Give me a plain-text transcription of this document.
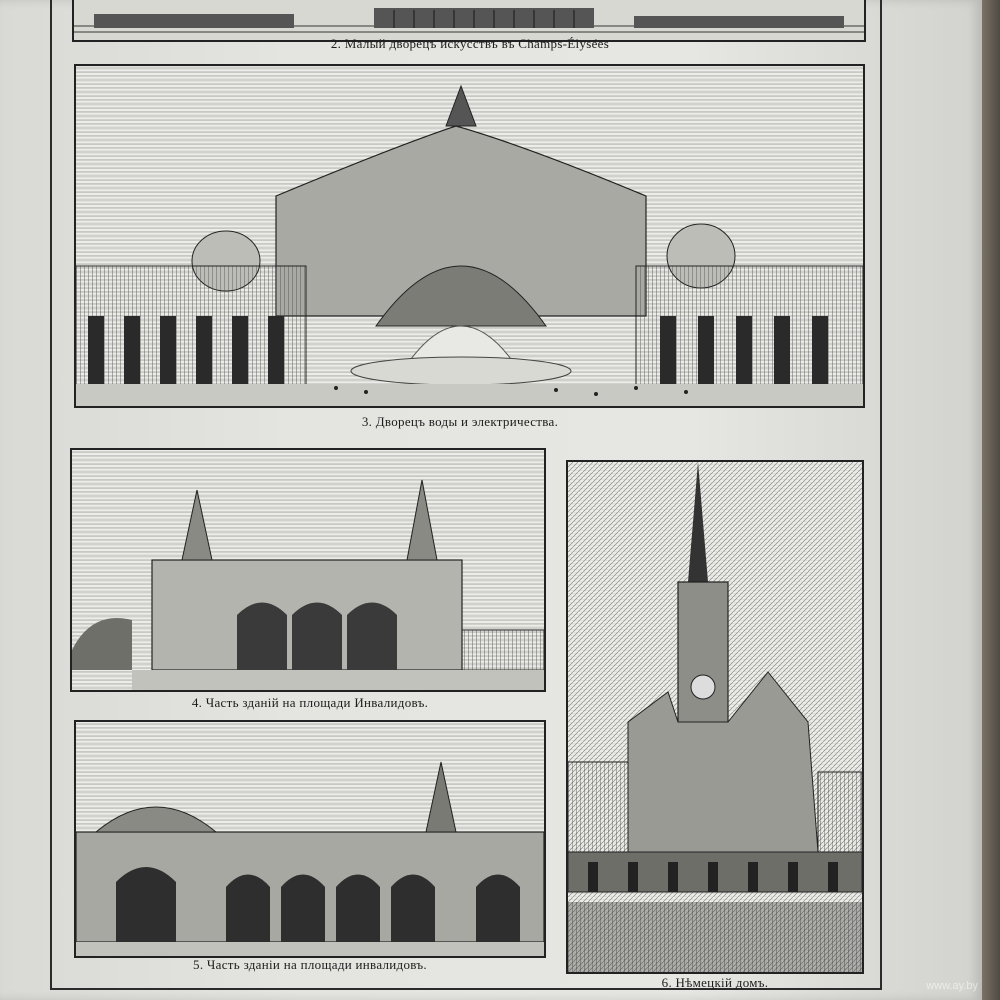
2. Малый дворецъ искусствъ въ Champs-Élysées
3. Дворецъ воды и электричества.
4. Часть зданій на площади Инвалидовъ.
5. Часть зданіи на площади инвалидовъ.
6. Нѣмецкій домъ.	www.ay.by
